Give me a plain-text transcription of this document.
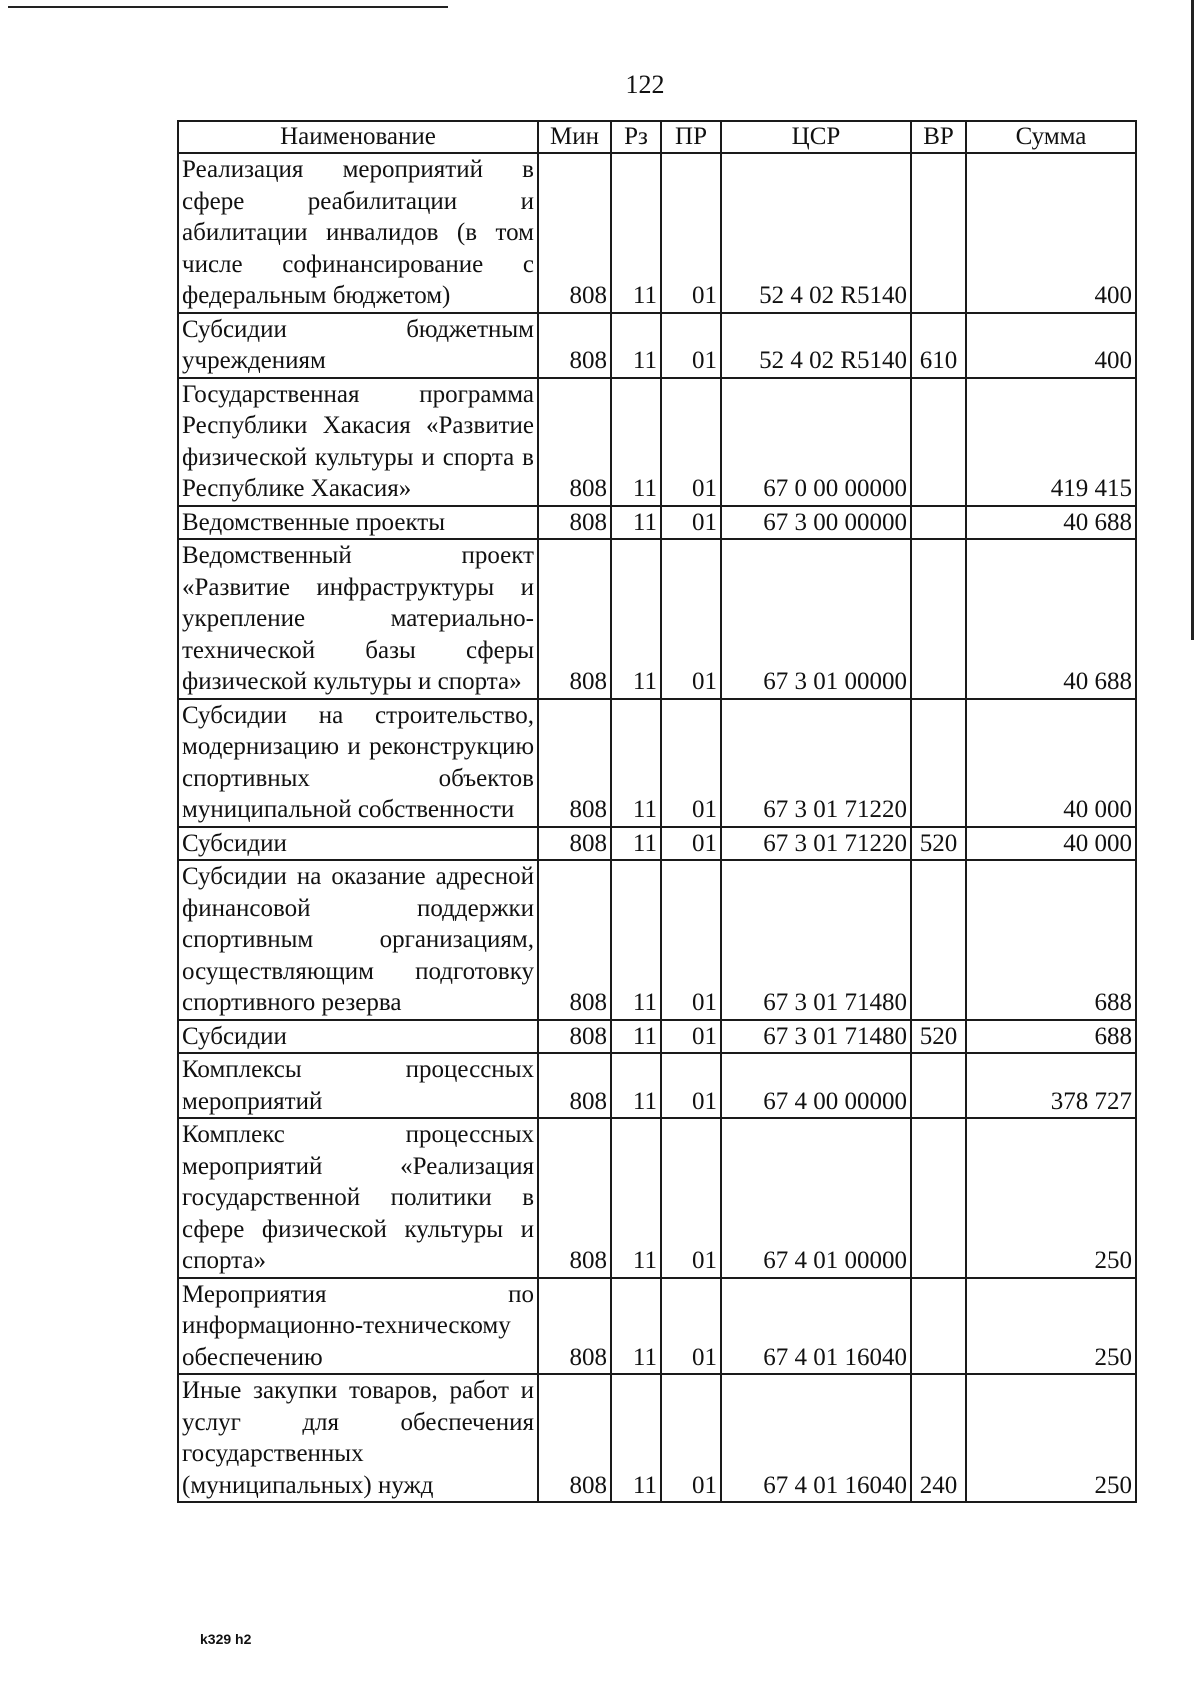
122
Наименование	Мин	Рз	ПР	ЦСР	ВР	Сумма
Реализация мероприятий в сфере реабилитации и абилитации инвалидов (в том числе софинансирование с федеральным бюджетом)	808	11	01	52 4 02 R5140		400
Субсидии бюджетным учреждениям	808	11	01	52 4 02 R5140	610	400
Государственная программа Республики Хакасия «Развитие физической культуры и спорта в Республике Хакасия»	808	11	01	67 0 00 00000		419 415
Ведомственные проекты	808	11	01	67 3 00 00000		40 688
Ведомственный проект «Развитие инфраструктуры и укрепление материально-технической базы сферы физической культуры и спорта»	808	11	01	67 3 01 00000		40 688
Субсидии на строительство, модернизацию и реконструкцию спортивных объектов муниципальной собственности	808	11	01	67 3 01 71220		40 000
Субсидии	808	11	01	67 3 01 71220	520	40 000
Субсидии на оказание адресной финансовой поддержки спортивным организациям, осуществляющим подготовку спортивного резерва	808	11	01	67 3 01 71480		688
Субсидии	808	11	01	67 3 01 71480	520	688
Комплексы процессных мероприятий	808	11	01	67 4 00 00000		378 727
Комплекс процессных мероприятий «Реализация государственной политики в сфере физической культуры и спорта»	808	11	01	67 4 01 00000		250
Мероприятия по информационно-техническому обеспечению	808	11	01	67 4 01 16040		250
Иные закупки товаров, работ и услуг для обеспечения государственных (муниципальных) нужд	808	11	01	67 4 01 16040	240	250
k329 h2
